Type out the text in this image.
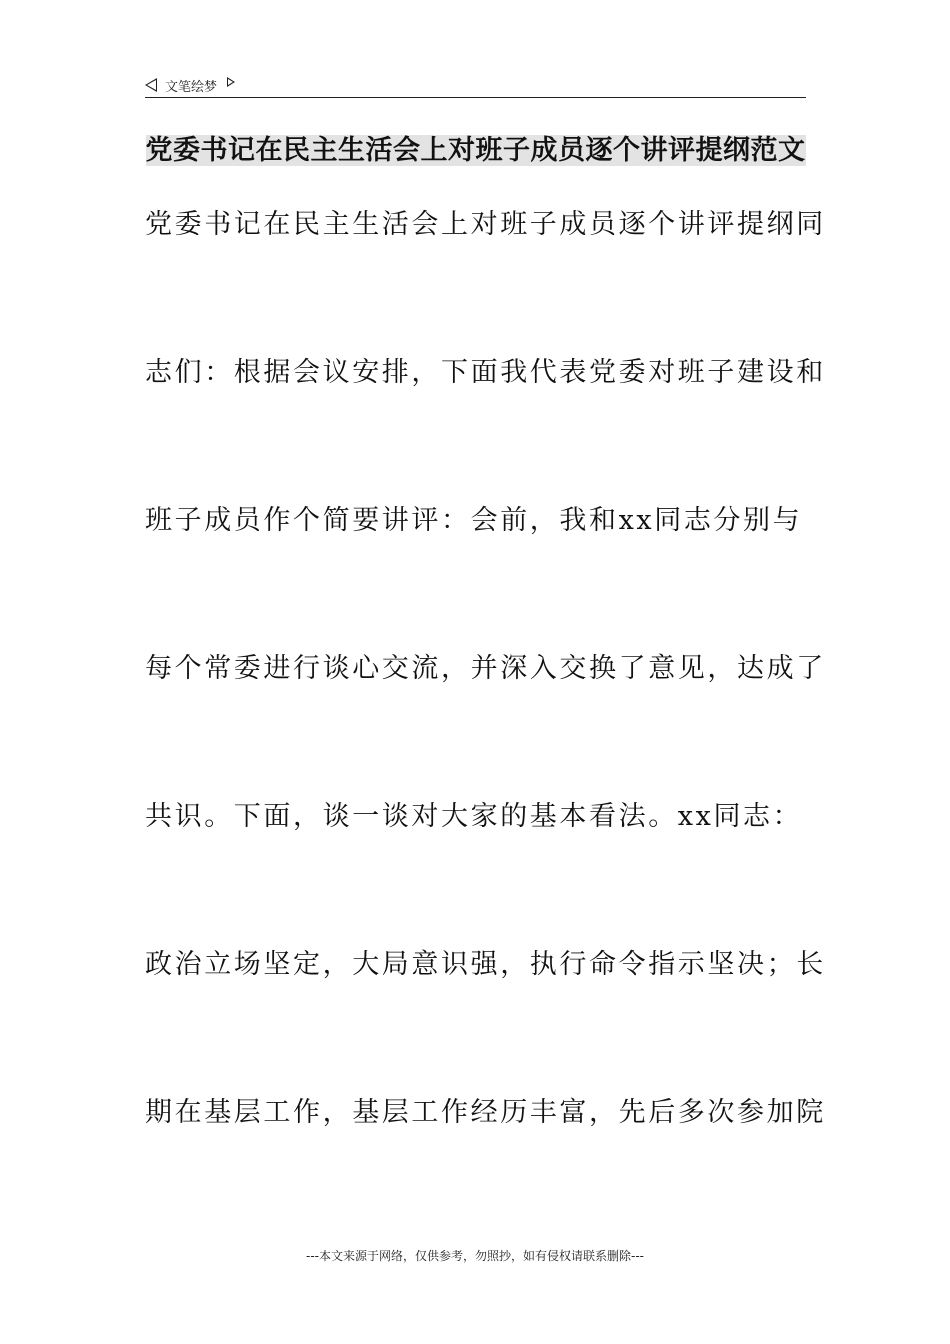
文笔绘梦
党委书记在民主生活会上对班子成员逐个讲评提纲范文
党委书记在民主生活会上对班子成员逐个讲评提纲同
志们：根据会议安排，下面我代表党委对班子建设和
班子成员作个简要讲评：会前，我和xx同志分别与
每个常委进行谈心交流，并深入交换了意见，达成了
共识。下面，谈一谈对大家的基本看法。xx同志：
政治立场坚定，大局意识强，执行命令指示坚决；长
期在基层工作，基层工作经历丰富，先后多次参加院
---本文来源于网络，仅供参考，勿照抄，如有侵权请联系删除---
